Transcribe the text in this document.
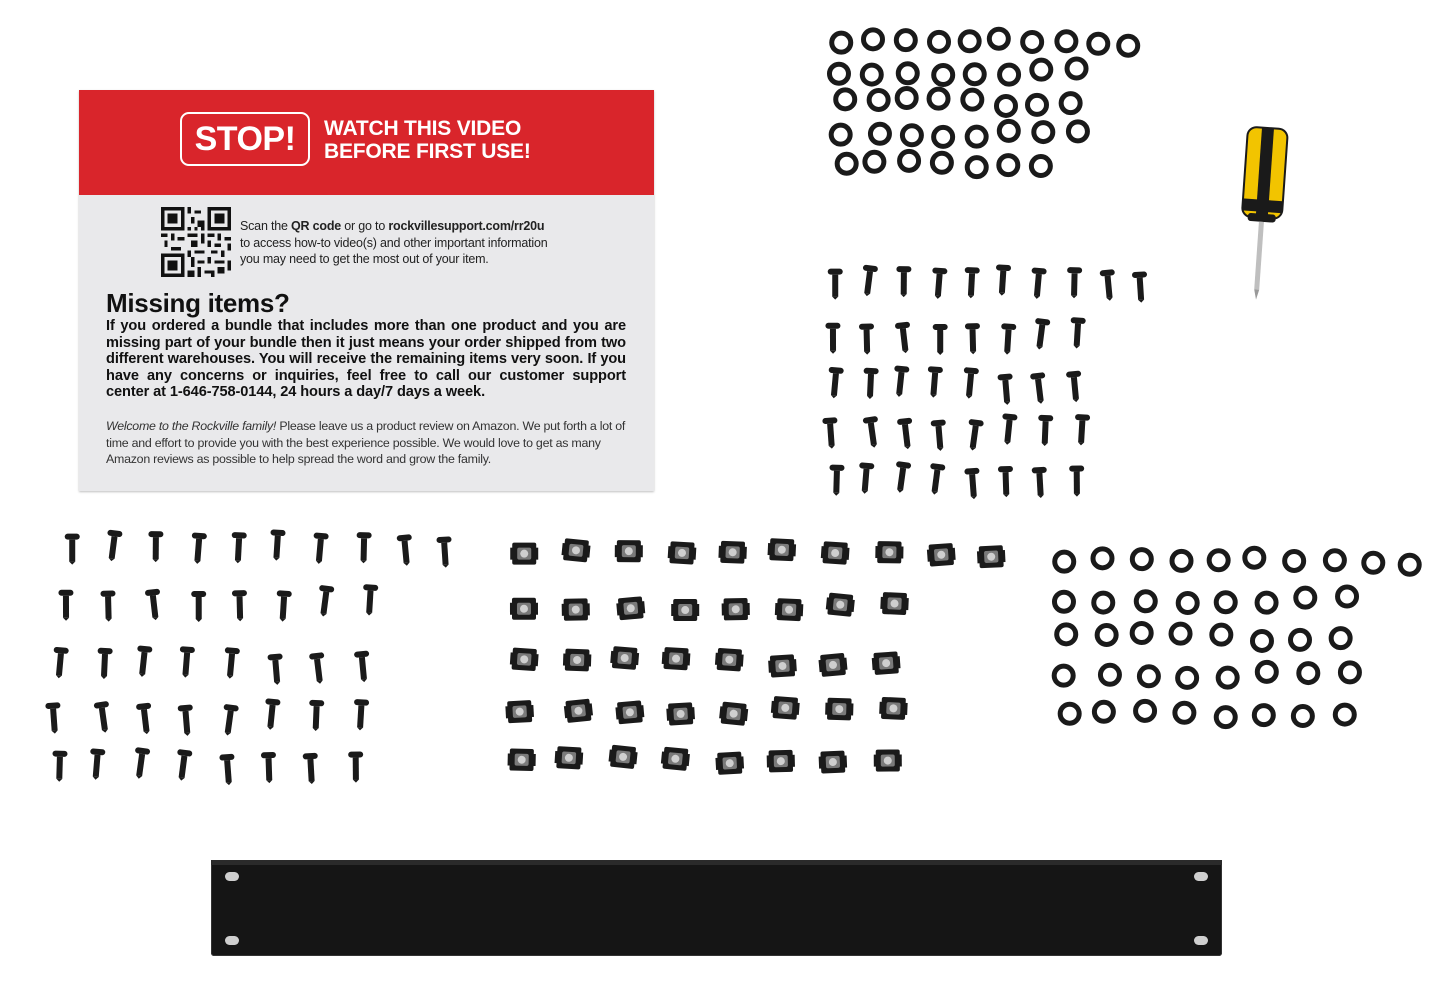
STOP!	WATCH THIS VIDEO
BEFORE FIRST USE!
Scan the QR code or go to rockvillesupport.com/rr20u
to access how-to video(s) and other important information
you may need to get the most out of your item.
Missing items?
If you ordered a bundle that includes more than one product and you are missing part of your bundle then it just means your order shipped from two different warehouses. You will receive the remaining items very soon. If you have any concerns or inquiries, feel free to call our customer support center at 1-646-758-0144, 24 hours a day/7 days a week.
Welcome to the Rockville family! Please leave us a product review on Amazon. We put forth a lot of time and effort to provide you with the best experience possible. We would love to get as many Amazon reviews as possible to help spread the word and grow the family.
